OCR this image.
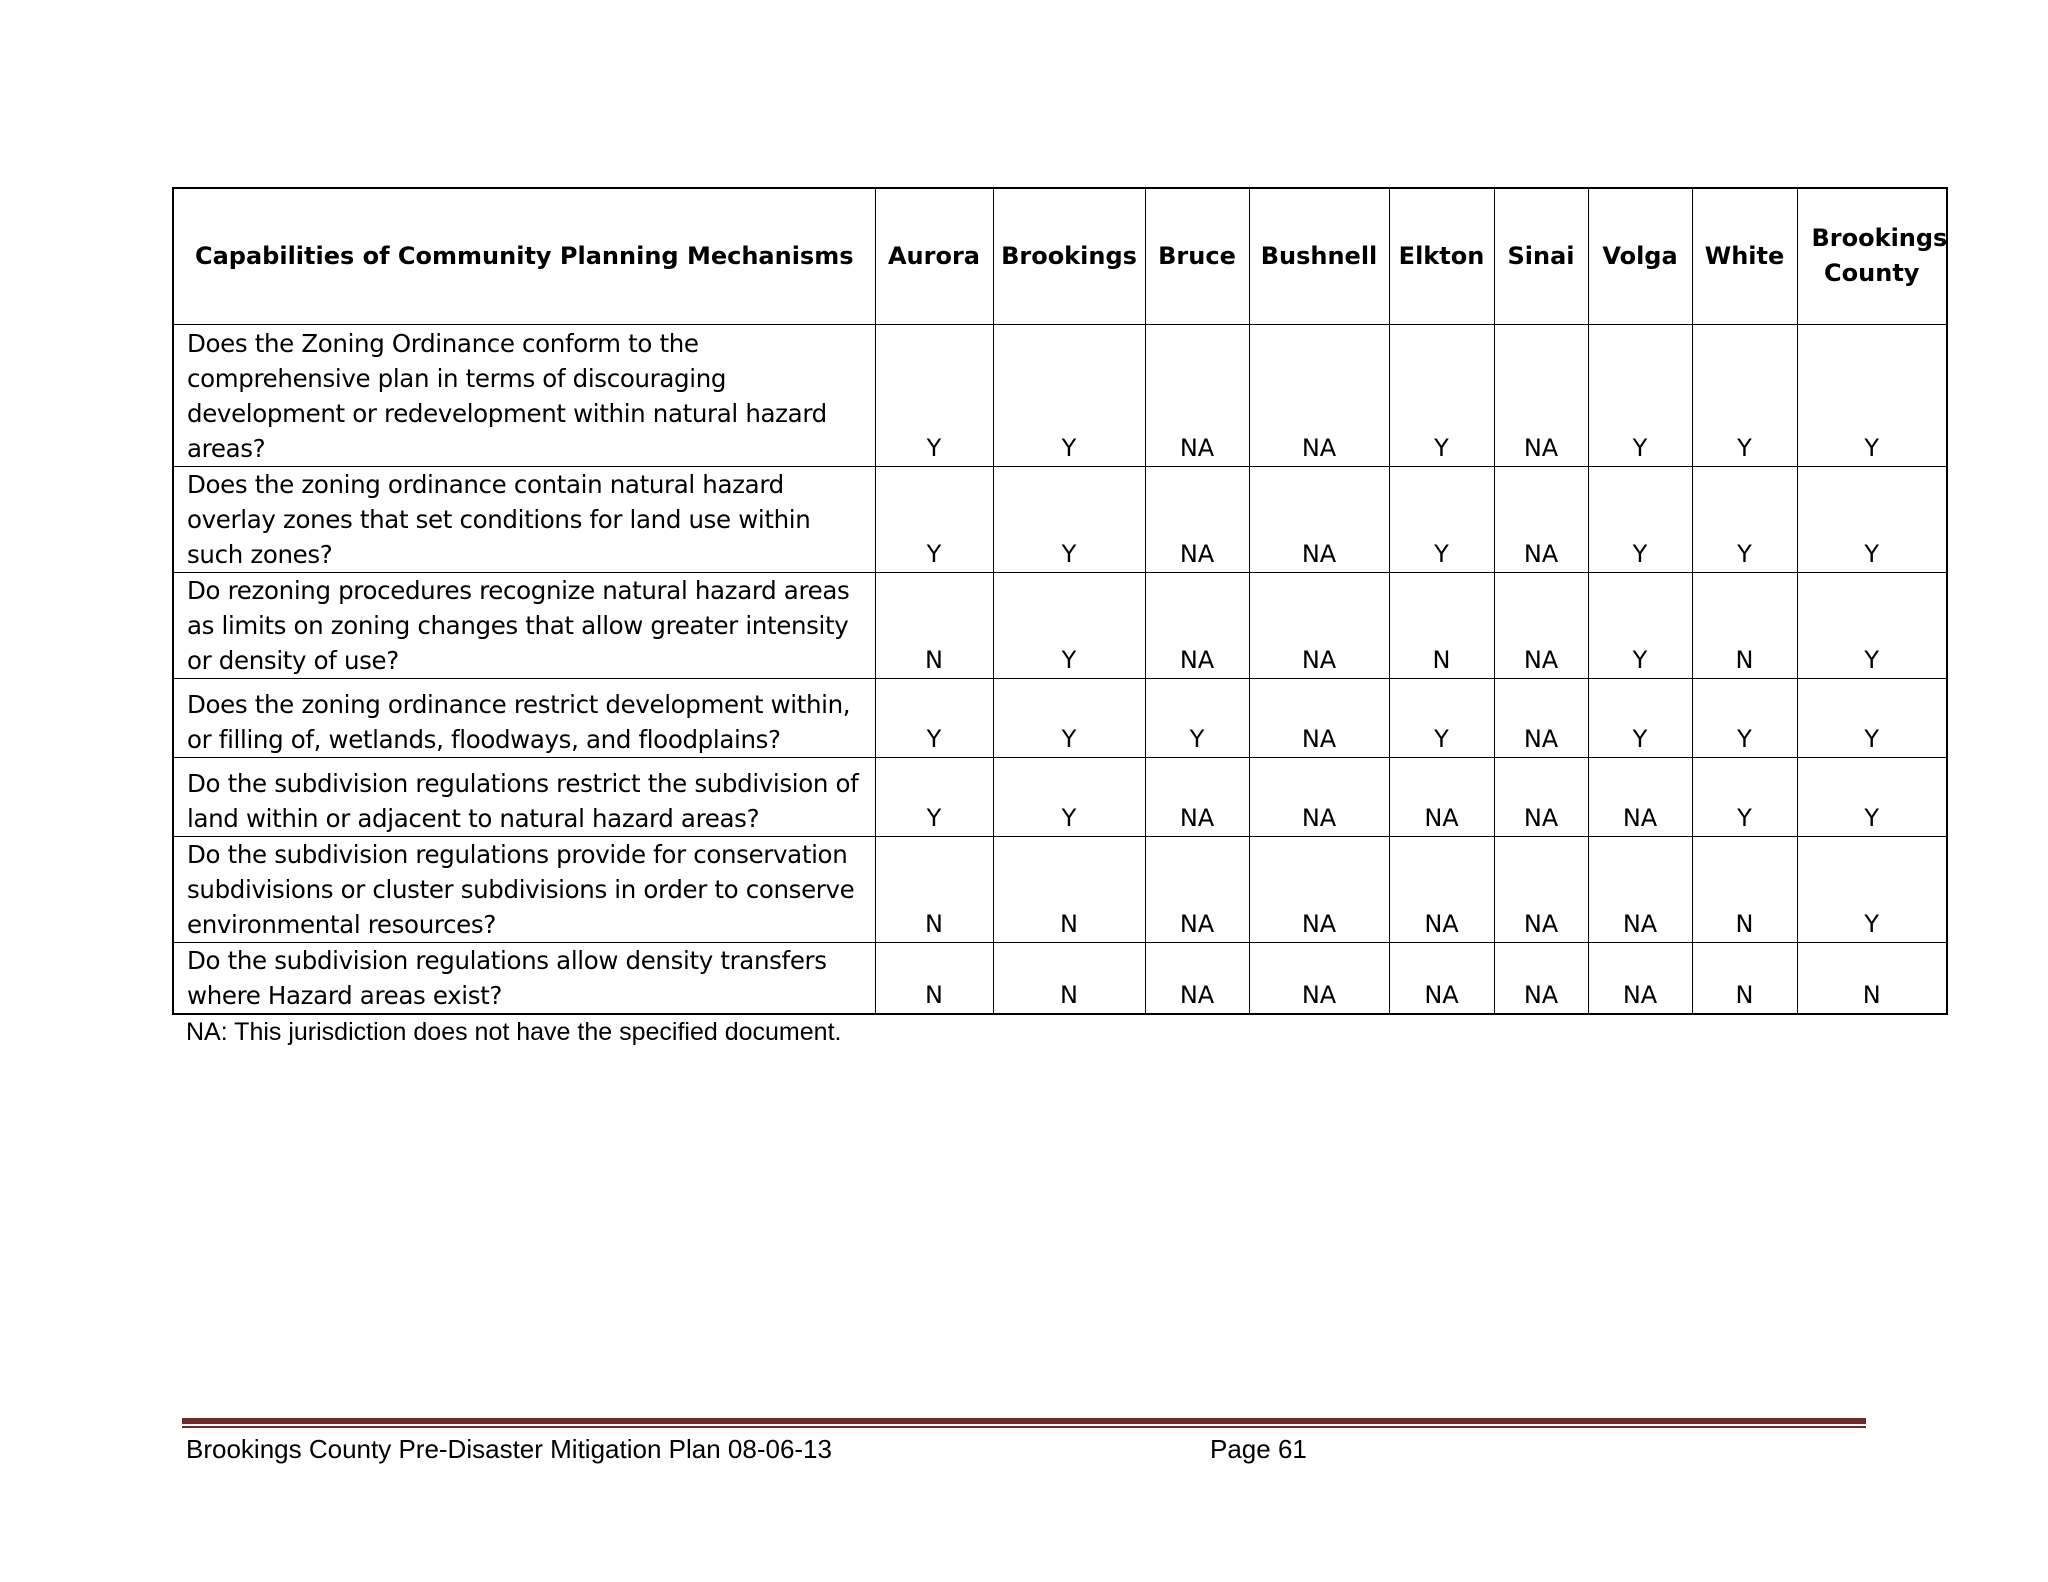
Capabilities of Community Planning Mechanisms	Aurora	Brookings	Bruce	Bushnell	Elkton	Sinai	Volga	White	Brookings County
Does the Zoning Ordinance conform to the comprehensive plan in terms of discouraging development or redevelopment within natural hazard areas?	Y	Y	NA	NA	Y	NA	Y	Y	Y
Does the zoning ordinance contain natural hazard overlay zones that set conditions for land use within such zones?	Y	Y	NA	NA	Y	NA	Y	Y	Y
Do rezoning procedures recognize natural hazard areas as limits on zoning changes that allow greater intensity or density of use?	N	Y	NA	NA	N	NA	Y	N	Y
Does the zoning ordinance restrict development within, or filling of, wetlands, floodways, and floodplains?	Y	Y	Y	NA	Y	NA	Y	Y	Y
Do the subdivision regulations restrict the subdivision of land within or adjacent to natural hazard areas?	Y	Y	NA	NA	NA	NA	NA	Y	Y
Do the subdivision regulations provide for conservation subdivisions or cluster subdivisions in order to conserve environmental resources?	N	N	NA	NA	NA	NA	NA	N	Y
Do the subdivision regulations allow density transfers where Hazard areas exist?	N	N	NA	NA	NA	NA	NA	N	N
NA: This jurisdiction does not have the specified document.
Brookings County Pre-Disaster Mitigation Plan 08-06-13	Page 61
